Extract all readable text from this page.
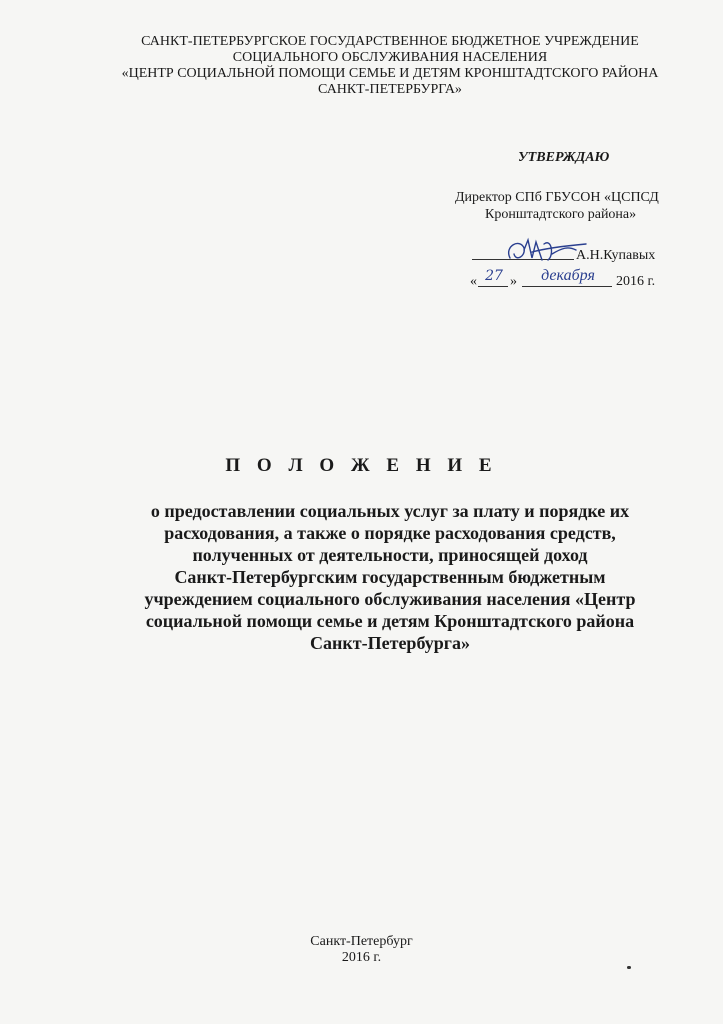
САНКТ-ПЕТЕРБУРГСКОЕ ГОСУДАРСТВЕННОЕ БЮДЖЕТНОЕ УЧРЕЖДЕНИЕ
СОЦИАЛЬНОГО ОБСЛУЖИВАНИЯ НАСЕЛЕНИЯ
«ЦЕНТР СОЦИАЛЬНОЙ ПОМОЩИ СЕМЬЕ И ДЕТЯМ КРОНШТАДТСКОГО РАЙОНА
САНКТ-ПЕТЕРБУРГА»
УТВЕРЖДАЮ
Директор СПб ГБУСОН «ЦСПСД
Кронштадтского района»
А.Н.Купавых
« 27 »	декабря	2016 г.
П О Л О Ж Е Н И Е
о предоставлении социальных услуг за плату и порядке их
расходования, а также о порядке расходования средств,
полученных от деятельности, приносящей доход
Санкт-Петербургским государственным бюджетным
учреждением социального обслуживания населения «Центр
социальной помощи семье и детям Кронштадтского района
Санкт-Петербурга»
Санкт-Петербург
2016 г.
